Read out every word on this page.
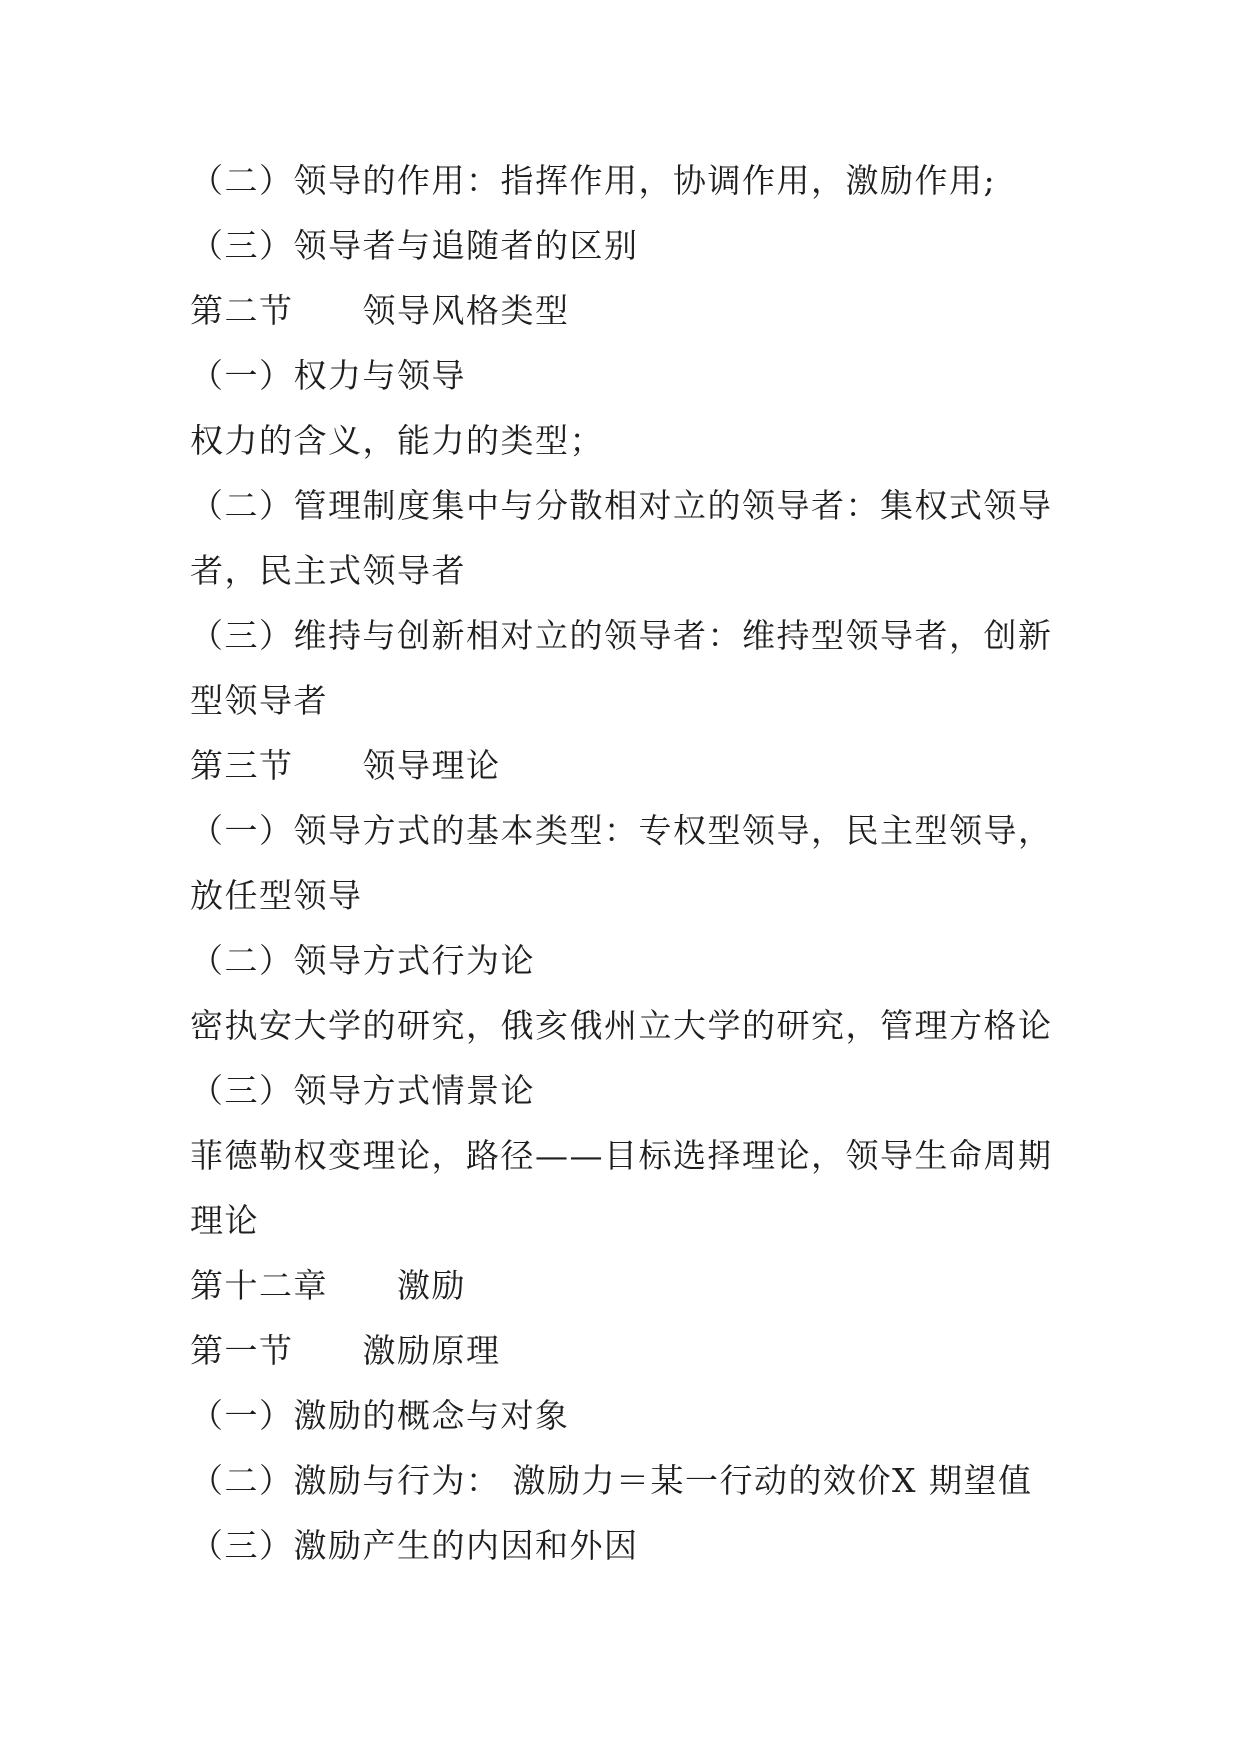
（二）领导的作用：指挥作用，协调作用，激励作用;
（三）领导者与追随者的区别
第二节　　领导风格类型
（一）权力与领导
权力的含义，能力的类型；
（二）管理制度集中与分散相对立的领导者：集权式领导
者，民主式领导者
（三）维持与创新相对立的领导者：维持型领导者，创新
型领导者
第三节　　领导理论
（一）领导方式的基本类型：专权型领导，民主型领导，
放任型领导
（二）领导方式行为论
密执安大学的研究，俄亥俄州立大学的研究，管理方格论
（三）领导方式情景论
菲德勒权变理论，路径——目标选择理论，领导生命周期
理论
第十二章　　激励
第一节　　激励原理
（一）激励的概念与对象
（二）激励与行为： 激励力＝某一行动的效价X 期望值
（三）激励产生的内因和外因
